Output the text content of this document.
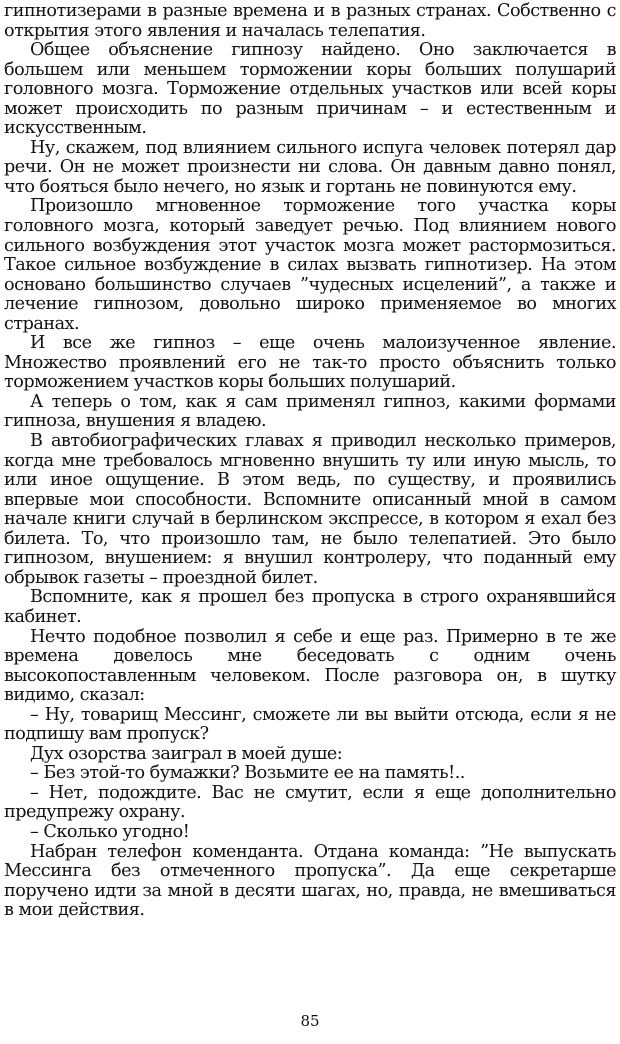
гипнотизерами в разные времена и в разных странах. Собственно с открытия этого явления и началась телепатия.

Общее объяснение гипнозу найдено. Оно заключается в большем или меньшем торможении коры больших полушарий головного мозга. Торможение отдельных участков или всей коры может происходить по разным причинам – и естественным и искусственным.

Ну, скажем, под влиянием сильного испуга человек потерял дар речи. Он не может произнести ни слова. Он давным давно понял, что бояться было нечего, но язык и гортань не повинуются ему.

Произошло мгновенное торможение того участка коры головного мозга, который заведует речью. Под влиянием нового сильного возбуждения этот участок мозга может растормозиться. Такое сильное возбуждение в силах вызвать гипнотизер. На этом основано большинство случаев ”чудесных исцелений”, а также и лечение гипнозом, довольно широко применяемое во многих странах.

И все же гипноз – еще очень малоизученное явление. Множество проявлений его не так-то просто объяснить только торможением участков коры больших полушарий.

А теперь о том, как я сам применял гипноз, какими формами гипноза, внушения я владею.

В автобиографических главах я приводил несколько примеров, когда мне требовалось мгновенно внушить ту или иную мысль, то или иное ощущение. В этом ведь, по существу, и проявились впервые мои способности. Вспомните описанный мной в самом начале книги случай в берлинском экспрессе, в котором я ехал без билета. То, что произошло там, не было телепатией. Это было гипнозом, внушением: я внушил контролеру, что поданный ему обрывок газеты – проездной билет.

Вспомните, как я прошел без пропуска в строго охранявшийся кабинет.

Нечто подобное позволил я себе и еще раз. Примерно в те же времена довелось мне беседовать с одним очень высокопоставленным человеком. После разговора он, в шутку видимо, сказал:

– Ну, товарищ Мессинг, сможете ли вы выйти отсюда, если я не подпишу вам пропуск?

Дух озорства заиграл в моей душе:

– Без этой-то бумажки? Возьмите ее на память!..

– Нет, подождите. Вас не смутит, если я еще дополнительно предупрежу охрану.

– Сколько угодно!

Набран телефон коменданта. Отдана команда: ”Не выпускать Мессинга без отмеченного пропуска”. Да еще секретарше поручено идти за мной в десяти шагах, но, правда, не вмешиваться в мои действия.

85
